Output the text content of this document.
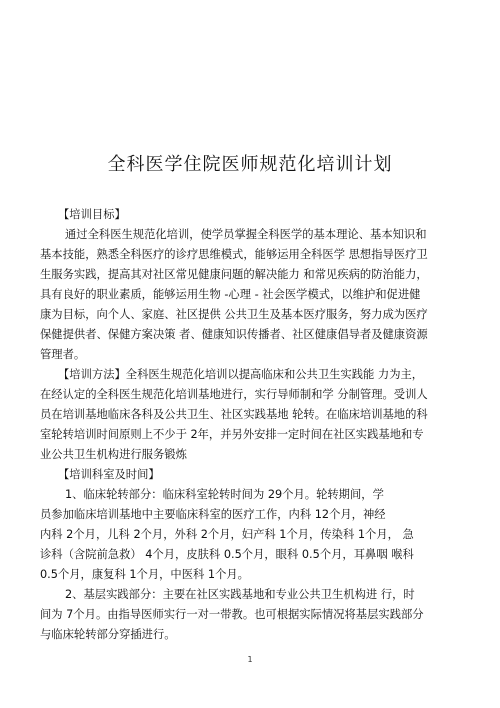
全科医学住院医师规范化培训计划
【培训目标】
通过全科医生规范化培训，使学员掌握全科医学的基本理论、基本知识和
基本技能，熟悉全科医疗的诊疗思维模式，能够运用全科医学 思想指导医疗卫
生服务实践，提高其对社区常见健康问题的解决能力 和常见疾病的防治能力，
具有良好的职业素质，能够运用生物 -心理 - 社会医学模式，以维护和促进健
康为目标，向个人、家庭、社区提供 公共卫生及基本医疗服务，努力成为医疗
保健提供者、保健方案决策 者、健康知识传播者、社区健康倡导者及健康资源
管理者。
【培训方法】全科医生规范化培训以提高临床和公共卫生实践能 力为主，
在经认定的全科医生规范化培训基地进行，实行导师制和学 分制管理。受训人
员在培训基地临床各科及公共卫生、社区实践基地 轮转。在临床培训基地的科
室轮转培训时间原则上不少于 2年，并另外安排一定时间在社区实践基地和专
业公共卫生机构进行服务锻炼
【培训科室及时间】
1、临床轮转部分：临床科室轮转时间为 29个月。轮转期间，学
员参加临床培训基地中主要临床科室的医疗工作，内科 12个月，神经
内科 2个月，儿科 2个月，外科 2个月，妇产科 1个月，传染科 1个月， 急
诊科（含院前急救） 4个月，皮肤科 0.5个月，眼科 0.5个月，耳鼻咽 喉科
0.5个月，康复科 1个月，中医科 1个月。
2、基层实践部分：主要在社区实践基地和专业公共卫生机构进 行，时
间为 7个月。由指导医师实行一对一带教。也可根据实际情况将基层实践部分
与临床轮转部分穿插进行。
1
